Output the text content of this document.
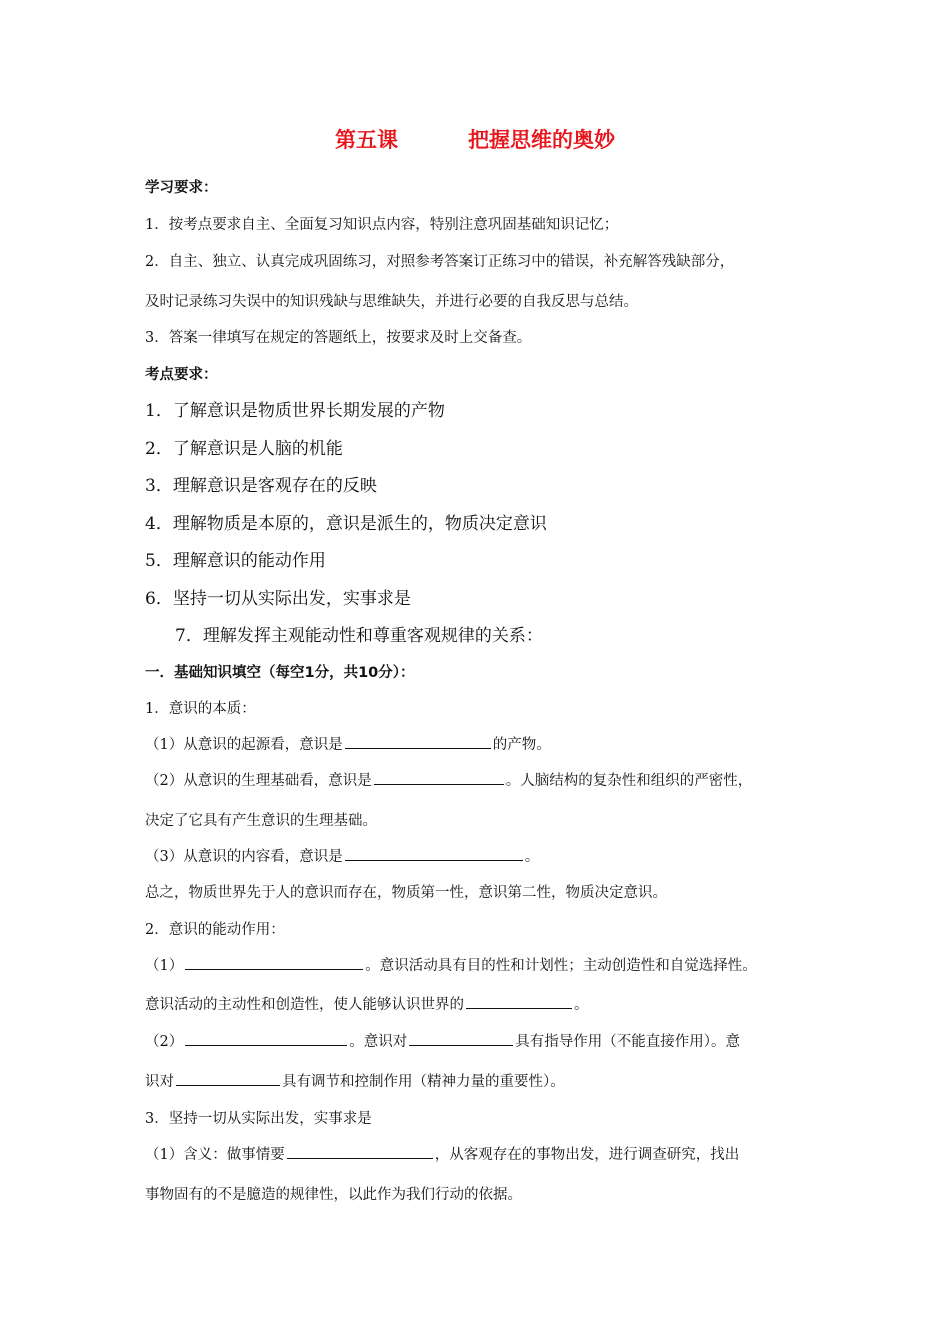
第五课	把握思维的奥妙
学习要求：
1．按考点要求自主、全面复习知识点内容，特别注意巩固基础知识记忆；
2．自主、独立、认真完成巩固练习，对照参考答案订正练习中的错误，补充解答残缺部分，
及时记录练习失误中的知识残缺与思维缺失，并进行必要的自我反思与总结。
3．答案一律填写在规定的答题纸上，按要求及时上交备查。
考点要求：
1．了解意识是物质世界长期发展的产物
2．了解意识是人脑的机能
3．理解意识是客观存在的反映
4．理解物质是本原的，意识是派生的，物质决定意识
5．理解意识的能动作用
6．坚持一切从实际出发，实事求是
7．理解发挥主观能动性和尊重客观规律的关系：
一．基础知识填空（每空1分，共10分）：
1．意识的本质：
（1）从意识的起源看，意识是	的产物。
（2）从意识的生理基础看，意识是	。人脑结构的复杂性和组织的严密性，
决定了它具有产生意识的生理基础。
（3）从意识的内容看，意识是	。
总之，物质世界先于人的意识而存在，物质第一性，意识第二性，物质决定意识。
2．意识的能动作用：
（1）	。意识活动具有目的性和计划性；主动创造性和自觉选择性。
意识活动的主动性和创造性，使人能够认识世界的	。
（2）	。意识对	具有指导作用（不能直接作用）。意
识对	具有调节和控制作用（精神力量的重要性）。
3．坚持一切从实际出发，实事求是
（1）含义：做事情要	，从客观存在的事物出发，进行调查研究，找出
事物固有的不是臆造的规律性，以此作为我们行动的依据。
